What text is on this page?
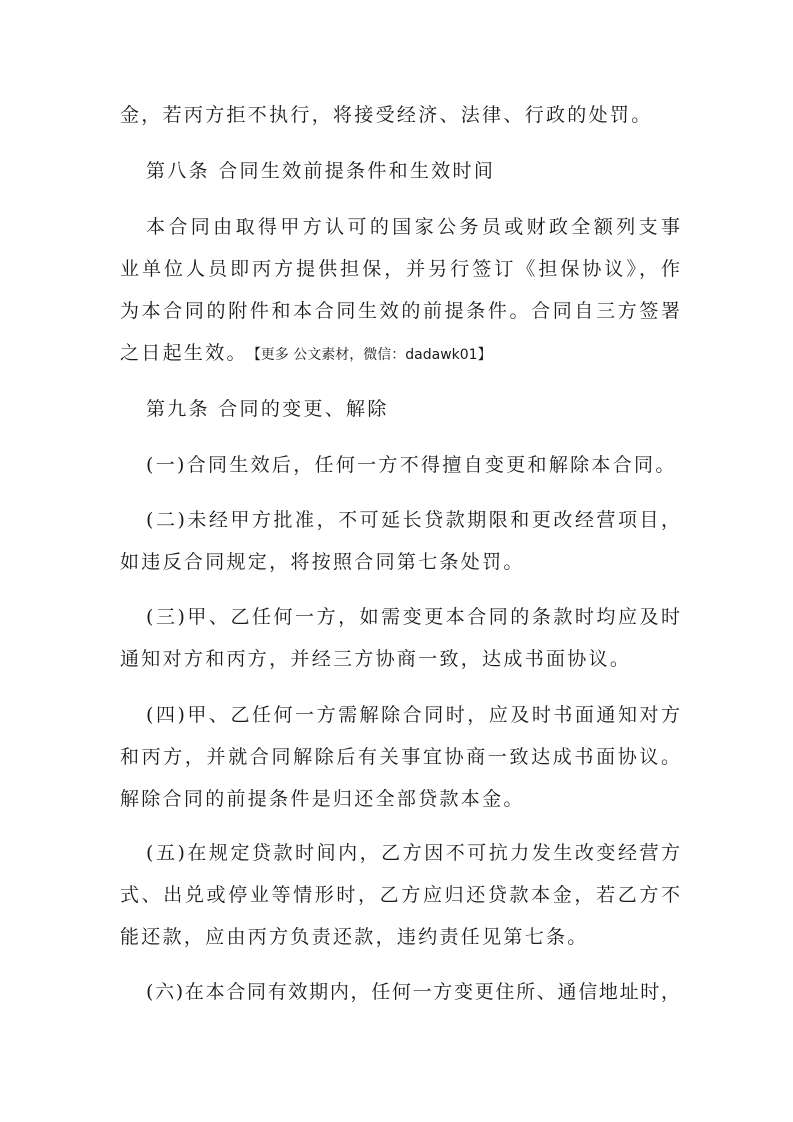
金，若丙方拒不执行，将接受经济、法律、行政的处罚。
第八条 合同生效前提条件和生效时间
本合同由取得甲方认可的国家公务员或财政全额列支事
业单位人员即丙方提供担保，并另行签订《担保协议》，作
为本合同的附件和本合同生效的前提条件。合同自三方签署
之日起生效。 【更多 公文素材，微信：dadawk01】
第九条 合同的变更、解除
(一)合同生效后，任何一方不得擅自变更和解除本合同。
(二)未经甲方批准，不可延长贷款期限和更改经营项目，
如违反合同规定，将按照合同第七条处罚。
(三)甲、乙任何一方，如需变更本合同的条款时均应及时
通知对方和丙方，并经三方协商一致，达成书面协议。
(四)甲、乙任何一方需解除合同时，应及时书面通知对方
和丙方，并就合同解除后有关事宜协商一致达成书面协议。
解除合同的前提条件是归还全部贷款本金。
(五)在规定贷款时间内，乙方因不可抗力发生改变经营方
式、出兑或停业等情形时，乙方应归还贷款本金，若乙方不
能还款，应由丙方负责还款，违约责任见第七条。
(六)在本合同有效期内，任何一方变更住所、通信地址时，
